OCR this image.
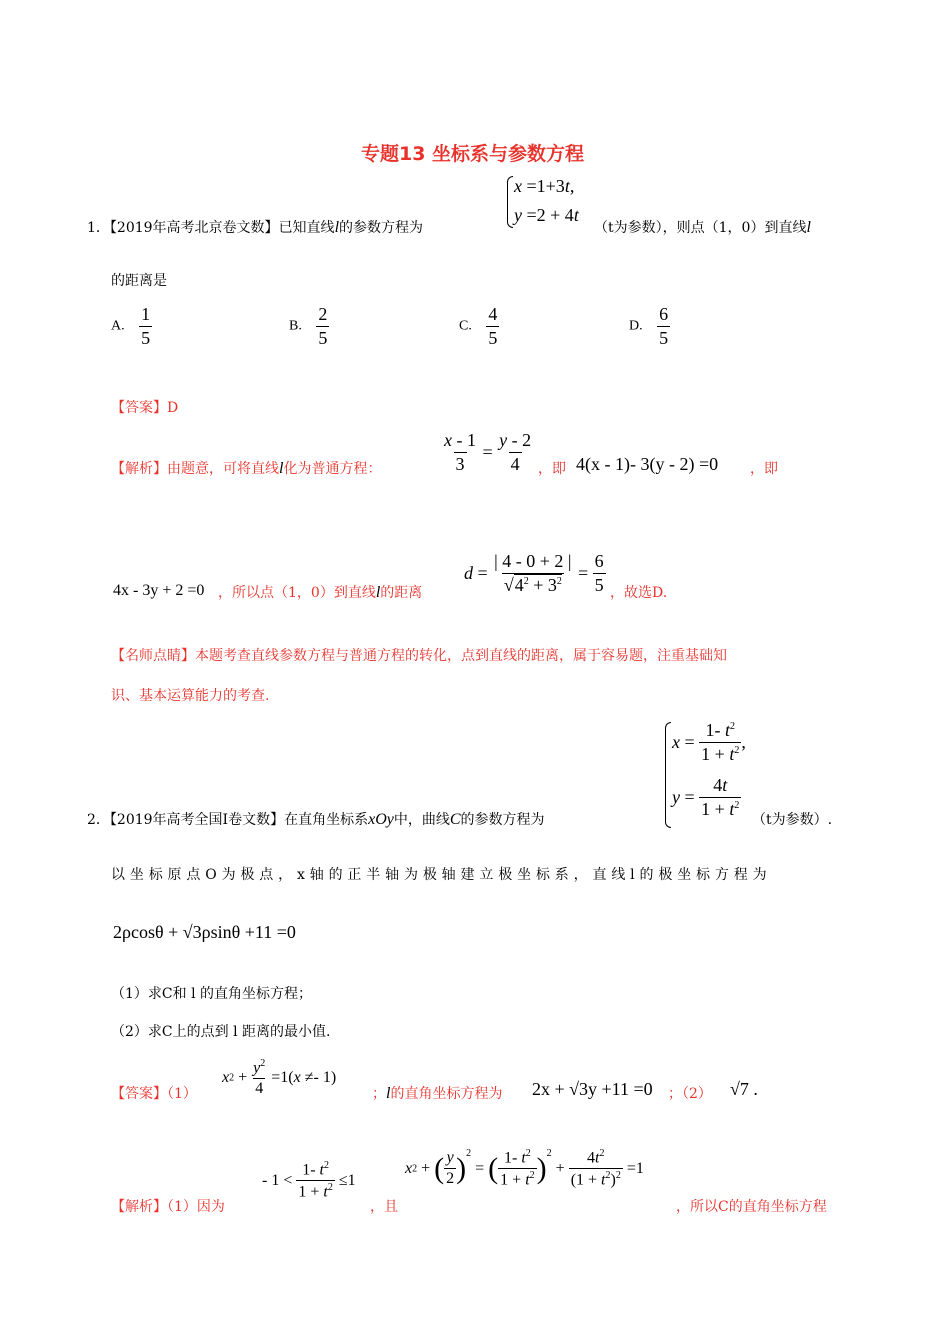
专题13 坐标系与参数方程
1．【2019年高考北京卷文数】已知直线l的参数方程为
x =1+3t,
y =2 + 4t
（t为参数），则点（1，0）到直线l
的距离是
A. $\frac{1}{5}$	B. $\frac{2}{5}$	C. $\frac{4}{5}$	D. $\frac{6}{5}$
【答案】D
【解析】由题意，可将直线l化为普通方程：	$\frac{x - 1}{3} = \frac{y - 2}{4}$ ，即 4(x - 1)- 3(y - 2) =0 ，即
4x - 3y + 2 =0 ，所以点（1，0）到直线l的距离
$d = \frac{| 4 - 0 + 2 |}{√4^2 + 3^2} = \frac{6}{5}$ ，故选D.
【名师点睛】本题考查直线参数方程与普通方程的转化，点到直线的距离，属于容易题，注重基础知
识、基本运算能力的考查.
2．【2019年高考全国Ⅰ卷文数】在直角坐标系xOy中，曲线C的参数方程为
$x = \frac{1- t^2}{1 + t^2}$ ,
$y = \frac{4t}{1 + t^2} (t$为参数）.
以 坐 标 原 点 O 为 极 点 ， x 轴 的 正 半 轴 为 极 轴 建 立 极 坐 标 系 ， 直 线 l 的 极 坐 标 方 程 为
2ρcosθ + √3ρsinθ +11 =0
（1）求C和 l 的直角坐标方程；
（2）求C上的点到 l 距离的最小值.
【答案】（1）
$x2 + \frac{y^2}{4} =1(x \ne- 1)$
；l的直角坐标方程为 2x + √3y +11 =0 ；（2） √7 .
【解析】（1）因为
- $1 < \frac{1- t^2}{1 + t^2} \le 1$
，且
x2 + ( $\frac{y}{2} )^2$ = ( $\frac{1- t^2}{1 + t^2} )^2 + \frac{4t^2}{(1 + t^2)^2} =1$
，所以C的直角坐标方程
